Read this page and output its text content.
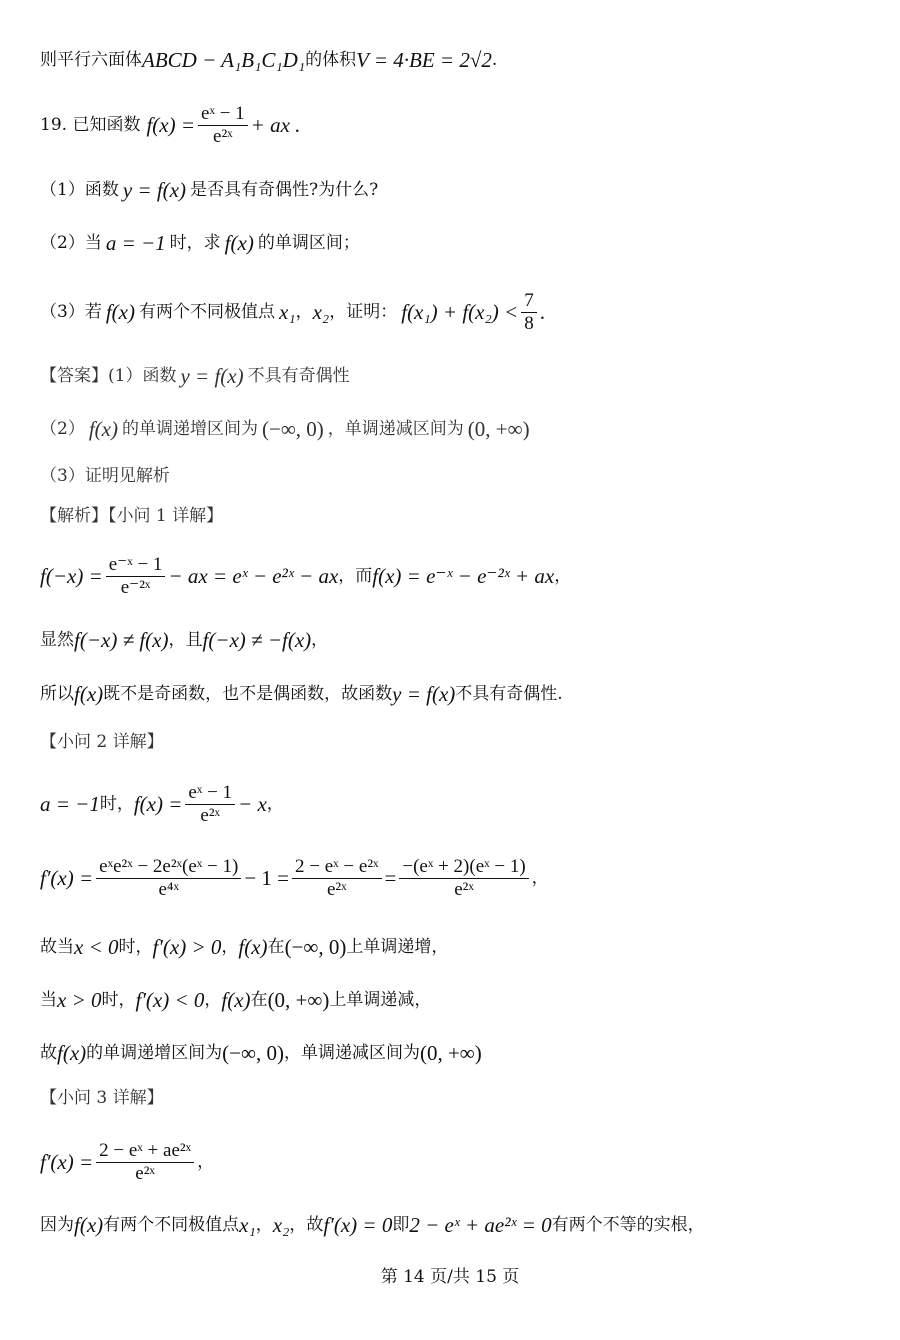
则平行六面体 ABCD − A₁B₁C₁D₁ 的体积 V = 4·BE = 2√2 .
19. 已知函数 $f(x) = \frac{\text{eˣ − 1}}{\text{e²ˣ}}$ + ax .
（1）函数 y = f(x) 是否具有奇偶性?为什么?
（2）当 a = −1 时，求 f(x) 的单调区间；
（3）若 f(x) 有两个不同极值点 x₁ ， x₂ ，证明： $f(x_1) + f(x_2) < \frac{7}{8}$ .
【答案】(1）函数 y = f(x) 不具有奇偶性
（2） f(x) 的单调递增区间为 (−∞, 0) ，单调递减区间为 (0, +∞)
（3）证明见解析
【解析】【小问 1 详解】
$f(-x) = \frac{\text{e⁻ˣ − 1}}{\text{e⁻²ˣ}}$ − ax = eˣ − e²ˣ − ax ，而 f(x) = e⁻ˣ − e⁻²ˣ + ax ，
显然 f(−x) ≠ f(x) ，且 f(−x) ≠ −f(x) ，
所以 f(x) 既不是奇函数，也不是偶函数，故函数 y = f(x) 不具有奇偶性.
【小问 2 详解】
a = −1 时， $f(x) = \frac{\text{eˣ − 1}}{\text{e²ˣ}} - x$ ，
$f'(x) = \frac{\text{eˣe²ˣ − 2e²ˣ(eˣ − 1)}}{\text{e⁴ˣ}} - 1 = \frac{\text{2 − eˣ − e²ˣ}}{\text{e²ˣ}} = \frac{\text{−(eˣ + 2)(eˣ − 1)}}{\text{e²ˣ}}$ ，
故当 x < 0 时， f′(x) > 0 ， f(x) 在 (−∞, 0) 上单调递增，
当 x > 0 时， f′(x) < 0 ， f(x) 在 (0, +∞) 上单调递减，
故 f(x) 的单调递增区间为 (−∞, 0) ，单调递减区间为 (0, +∞)
【小问 3 详解】
$f'(x) = \frac{\text{2 − eˣ + ae²ˣ}}{\text{e²ˣ}}$ ，
因为 f(x) 有两个不同极值点 x₁ ， x₂ ，故 f′(x) = 0 即 2 − eˣ + ae²ˣ = 0 有两个不等的实根，
第 14 页/共 15 页
